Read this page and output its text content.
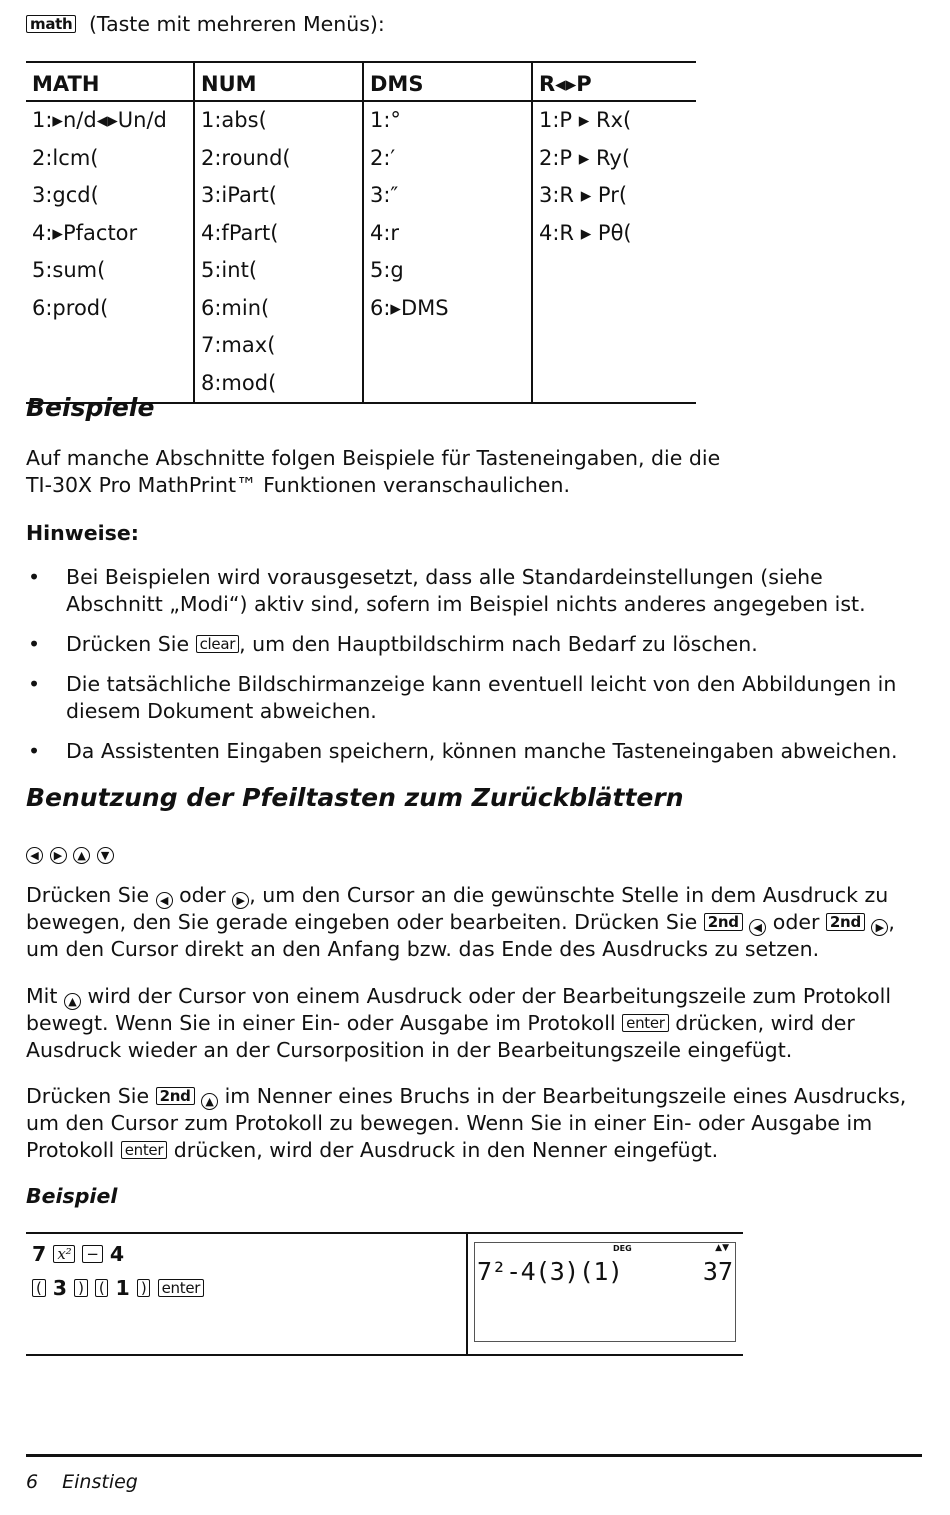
math (Taste mit mehreren Menüs):
MATH	NUM	DMS	R◂▸P
1:▸n/d◂▸Un/d	1:abs(	1:°	1:P ▸ Rx(
2:lcm(	2:round(	2:′	2:P ▸ Ry(
3:gcd(	3:iPart(	3:″	3:R ▸ Pr(
4:▸Pfactor	4:fPart(	4:r	4:R ▸ Pθ(
5:sum(	5:int(	5:g	
6:prod(	6:min(	6:▸DMS	
	7:max(		
	8:mod(		
Beispiele
Auf manche Abschnitte folgen Beispiele für Tasteneingaben, die die
TI-30X Pro MathPrint™ Funktionen veranschaulichen.
Hinweise:
• Bei Beispielen wird vorausgesetzt, dass alle Standardeinstellungen (siehe
Abschnitt „Modi“) aktiv sind, sofern im Beispiel nichts anderes angegeben ist.
• Drücken Sie clear , um den Hauptbildschirm nach Bedarf zu löschen.
• Die tatsächliche Bildschirmanzeige kann eventuell leicht von den Abbildungen in
diesem Dokument abweichen.
• Da Assistenten Eingaben speichern, können manche Tasteneingaben abweichen.
Benutzung der Pfeiltasten zum Zurückblättern
◀ ▶ ▲ ▼
Drücken Sie ◀ oder ▶ , um den Cursor an die gewünschte Stelle in dem Ausdruck zu
bewegen, den Sie gerade eingeben oder bearbeiten. Drücken Sie 2nd ◀ oder 2nd ▶ ,
um den Cursor direkt an den Anfang bzw. das Ende des Ausdrucks zu setzen.
Mit ▲ wird der Cursor von einem Ausdruck oder der Bearbeitungszeile zum Protokoll
bewegt. Wenn Sie in einer Ein- oder Ausgabe im Protokoll enter drücken, wird der
Ausdruck wieder an der Cursorposition in der Bearbeitungszeile eingefügt.
Drücken Sie 2nd ▲ im Nenner eines Bruchs in der Bearbeitungszeile eines Ausdrucks,
um den Cursor zum Protokoll zu bewegen. Wenn Sie in einer Ein- oder Ausgabe im
Protokoll enter drücken, wird der Ausdruck in den Nenner eingefügt.
Beispiel
7 x² − 4
( 3 ) ( 1 ) enter
DEG	▲▼
7²-4(3)(1)	37
6 Einstieg
